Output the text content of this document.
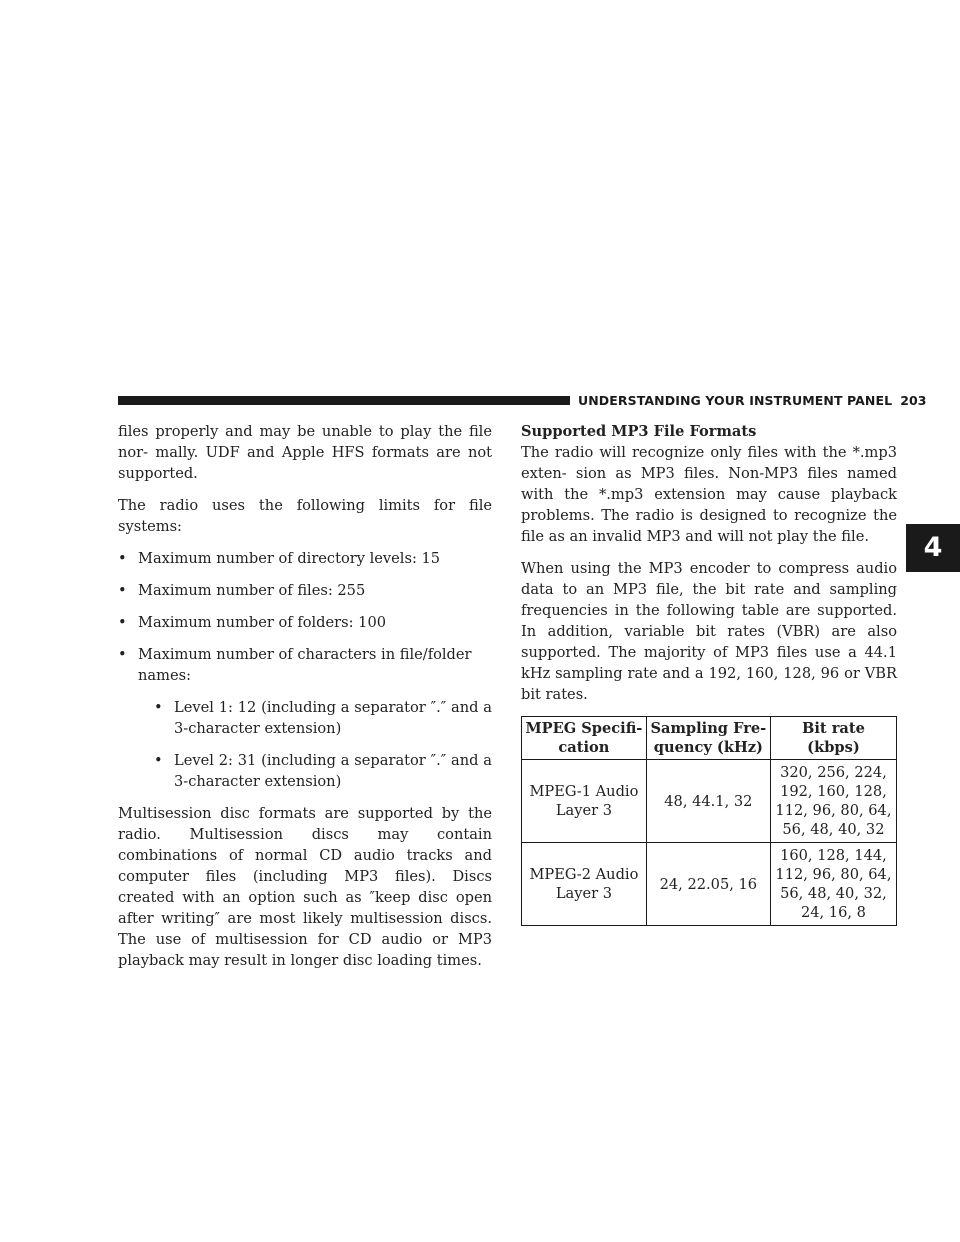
UNDERSTANDING YOUR INSTRUMENT PANEL 203
4

files properly and may be unable to play the file nor- mally. UDF and Apple HFS formats are not supported.

The radio uses the following limits for file systems:

• Maximum number of directory levels: 15
• Maximum number of files: 255
• Maximum number of folders: 100
• Maximum number of characters in file/folder names:
• Level 1: 12 (including a separator ″.″ and a 3-character extension)
• Level 2: 31 (including a separator ″.″ and a 3-character extension)

Multisession disc formats are supported by the radio. Multisession discs may contain combinations of normal CD audio tracks and computer files (including MP3 files). Discs created with an option such as ″keep disc open after writing″ are most likely multisession discs. The use of multisession for CD audio or MP3 playback may result in longer disc loading times.

Supported MP3 File Formats

The radio will recognize only files with the *.mp3 exten- sion as MP3 files. Non-MP3 files named with the *.mp3 extension may cause playback problems. The radio is designed to recognize the file as an invalid MP3 and will not play the file.

When using the MP3 encoder to compress audio data to an MP3 file, the bit rate and sampling frequencies in the following table are supported. In addition, variable bit rates (VBR) are also supported. The majority of MP3 files use a 44.1 kHz sampling rate and a 192, 160, 128, 96 or VBR bit rates.

MPEG Specifi- cation	Sampling Fre- quency (kHz)	Bit rate (kbps)
MPEG-1 Audio Layer 3	48, 44.1, 32	320, 256, 224, 192, 160, 128, 112, 96, 80, 64, 56, 48, 40, 32
MPEG-2 Audio Layer 3	24, 22.05, 16	160, 128, 144, 112, 96, 80, 64, 56, 48, 40, 32, 24, 16, 8
